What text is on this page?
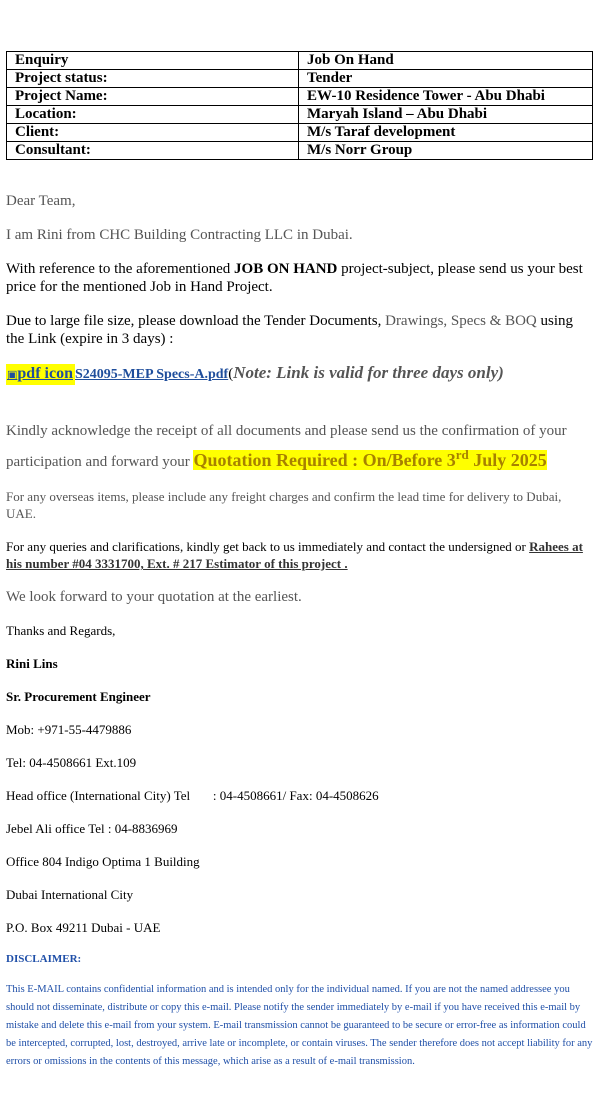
Enquiry	Job On Hand
Project status:	Tender
Project Name:	EW-10 Residence Tower - Abu Dhabi
Location:	Maryah Island – Abu Dhabi
Client:	M/s Taraf development
Consultant:	M/s Norr Group

Dear Team,

I am Rini from CHC Building Contracting LLC in Dubai.

With reference to the aforementioned JOB ON HAND project-subject, please send us your best price for the mentioned Job in Hand Project.

Due to large file size, please download the Tender Documents, Drawings, Specs & BOQ using the Link (expire in 3 days) :

▣pdf icon S24095-MEP Specs-A.pdf(Note: Link is valid for three days only)

Kindly acknowledge the receipt of all documents and please send us the confirmation of your participation and forward your Quotation Required : On/Before 3rd July 2025

For any overseas items, please include any freight charges and confirm the lead time for delivery to Dubai, UAE.

For any queries and clarifications, kindly get back to us immediately and contact the undersigned or Rahees at his number #04 3331700, Ext. # 217 Estimator of this project .

We look forward to your quotation at the earliest.

Thanks and Regards,

Rini Lins

Sr. Procurement Engineer

Mob: +971-55-4479886

Tel: 04-4508661 Ext.109

Head office (International City) Tel       : 04-4508661/ Fax: 04-4508626

Jebel Ali office Tel : 04-8836969

Office 804 Indigo Optima 1 Building

Dubai International City

P.O. Box 49211 Dubai - UAE

DISCLAIMER:

This E-MAIL contains confidential information and is intended only for the individual named. If you are not the named addressee you should not disseminate, distribute or copy this e-mail. Please notify the sender immediately by e-mail if you have received this e-mail by mistake and delete this e-mail from your system. E-mail transmission cannot be guaranteed to be secure or error-free as information could be intercepted, corrupted, lost, destroyed, arrive late or incomplete, or contain viruses. The sender therefore does not accept liability for any errors or omissions in the contents of this message, which arise as a result of e-mail transmission.
